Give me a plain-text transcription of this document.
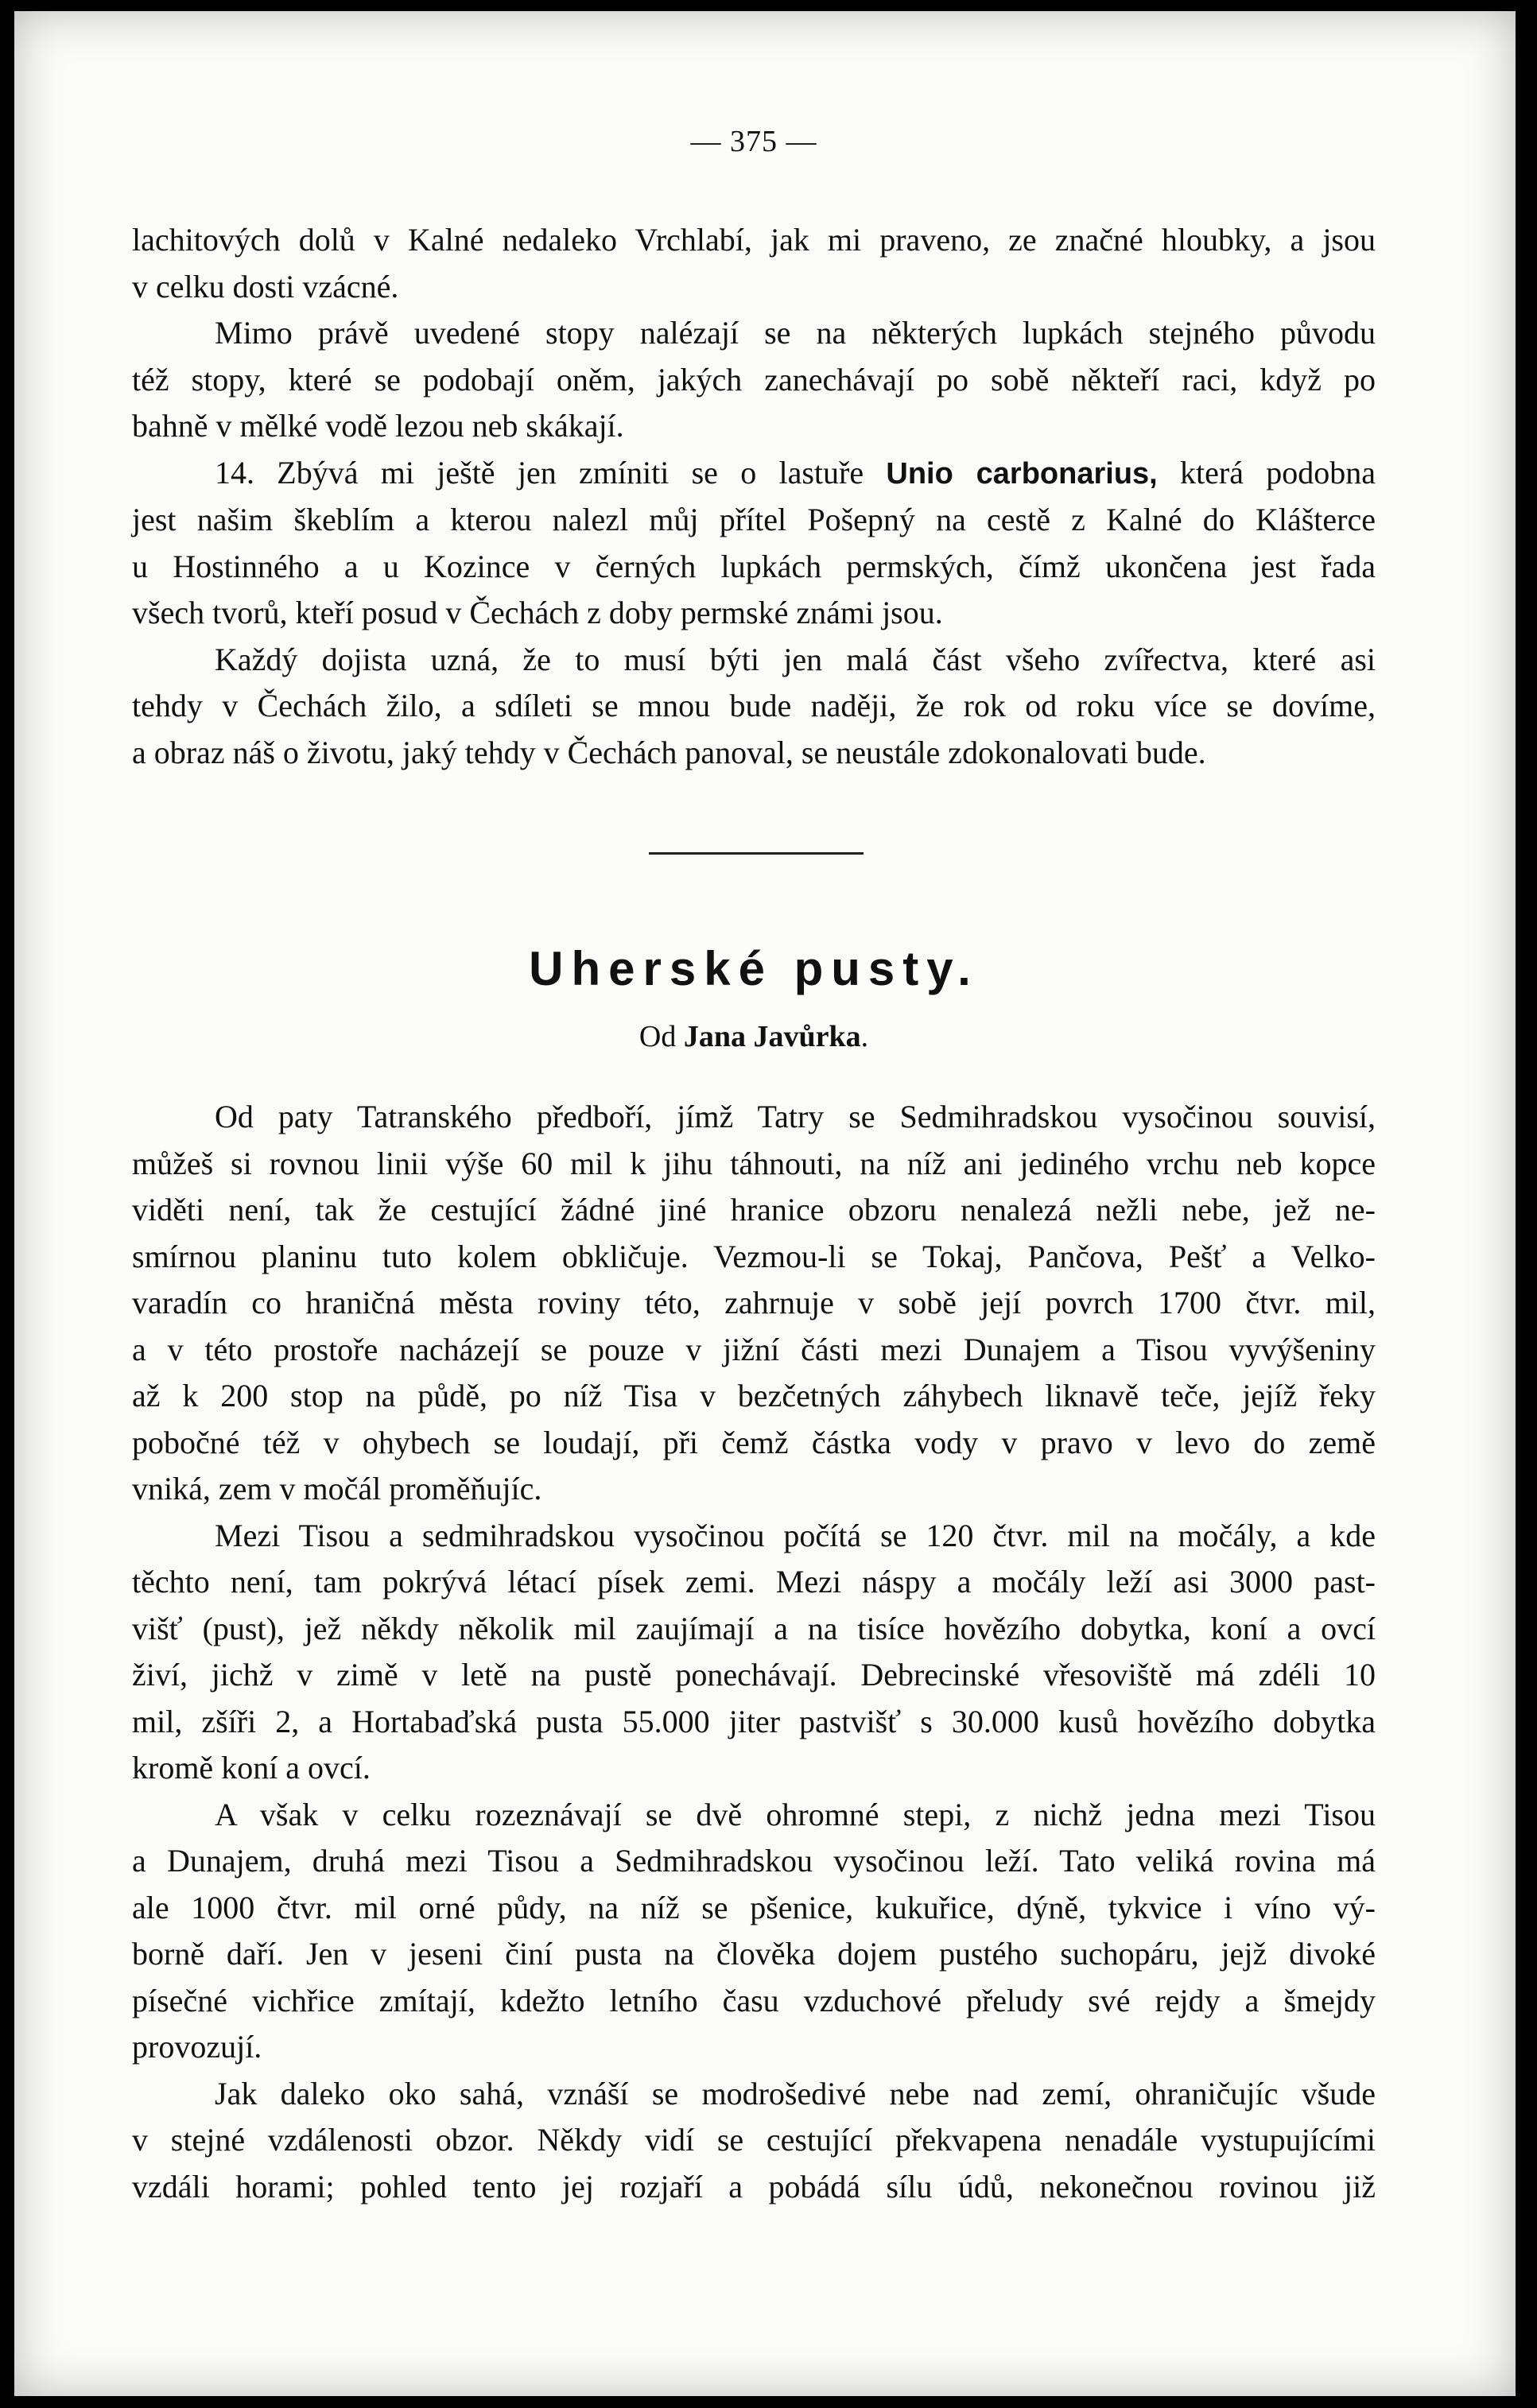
— 375 —

lachitových dolů v Kalné nedaleko Vrchlabí, jak mi praveno, ze značné hloubky, a jsou

v celku dosti vzácné.

Mimo právě uvedené stopy nalézají se na některých lupkách stejného původu

též stopy, které se podobají oněm, jakých zanechávají po sobě někteří raci, když po

bahně v mělké vodě lezou neb skákají.

14. Zbývá mi ještě jen zmíniti se o lastuře Unio carbonarius, která podobna

jest našim škeblím a kterou nalezl můj přítel Pošepný na cestě z Kalné do Klášterce

u Hostinného a u Kozince v černých lupkách permských, čímž ukončena jest řada

všech tvorů, kteří posud v Čechách z doby permské známi jsou.

Každý dojista uzná, že to musí býti jen malá část všeho zvířectva, které asi

tehdy v Čechách žilo, a sdíleti se mnou bude naději, že rok od roku více se dovíme,

a obraz náš o životu, jaký tehdy v Čechách panoval, se neustále zdokonalovati bude.

Uherské pusty.
Od Jana Javůrka.

Od paty Tatranského předboří, jímž Tatry se Sedmihradskou vysočinou souvisí,

můžeš si rovnou linii výše 60 mil k jihu táhnouti, na níž ani jediného vrchu neb kopce

viděti není, tak že cestující žádné jiné hranice obzoru nenalezá nežli nebe, jež ne-

smírnou planinu tuto kolem obkličuje. Vezmou-li se Tokaj, Pančova, Pešť a Velko-

varadín co hraničná města roviny této, zahrnuje v sobě její povrch 1700 čtvr. mil,

a v této prostoře nacházejí se pouze v jižní části mezi Dunajem a Tisou vyvýšeniny

až k 200 stop na půdě, po níž Tisa v bezčetných záhybech liknavě teče, jejíž řeky

pobočné též v ohybech se loudají, při čemž částka vody v pravo v levo do země

vniká, zem v močál proměňujíc.

Mezi Tisou a sedmihradskou vysočinou počítá se 120 čtvr. mil na močály, a kde

těchto není, tam pokrývá létací písek zemi. Mezi náspy a močály leží asi 3000 past-

višť (pust), jež někdy několik mil zaujímají a na tisíce hovězího dobytka, koní a ovcí

živí, jichž v zimě v letě na pustě ponechávají. Debrecinské vřesoviště má zdéli 10

mil, zšíři 2, a Hortabaďská pusta 55.000 jiter pastvišť s 30.000 kusů hovězího dobytka

kromě koní a ovcí.

A však v celku rozeznávají se dvě ohromné stepi, z nichž jedna mezi Tisou

a Dunajem, druhá mezi Tisou a Sedmihradskou vysočinou leží. Tato veliká rovina má

ale 1000 čtvr. mil orné půdy, na níž se pšenice, kukuřice, dýně, tykvice i víno vý-

borně daří. Jen v jeseni činí pusta na člověka dojem pustého suchopáru, jejž divoké

písečné vichřice zmítají, kdežto letního času vzduchové přeludy své rejdy a šmejdy

provozují.

Jak daleko oko sahá, vznáší se modrošedivé nebe nad zemí, ohraničujíc všude

v stejné vzdálenosti obzor. Někdy vidí se cestující překvapena nenadále vystupujícími

vzdáli horami; pohled tento jej rozjaří a pobádá sílu údů, nekonečnou rovinou již
